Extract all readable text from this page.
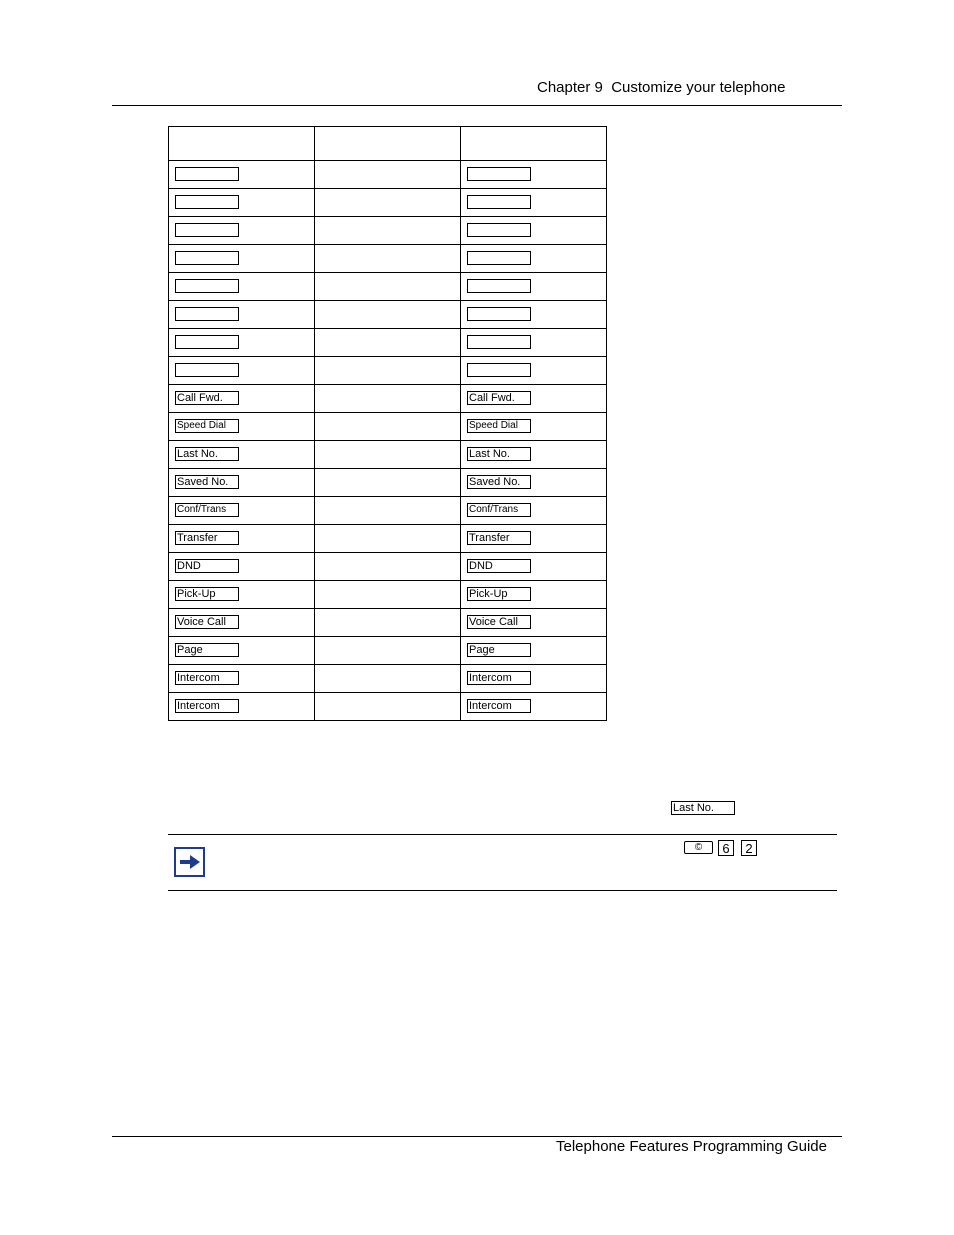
Chapter 9  Customize your telephone

Call Fwd.		Call Fwd.
Speed Dial		Speed Dial
Last No.		Last No.
Saved No.		Saved No.
Conf/Trans		Conf/Trans
Transfer		Transfer
DND		DND
Pick-Up		Pick-Up
Voice Call		Voice Call
Page		Page
Intercom		Intercom
Intercom		Intercom
Last No.
©	6	2
Telephone Features Programming Guide
